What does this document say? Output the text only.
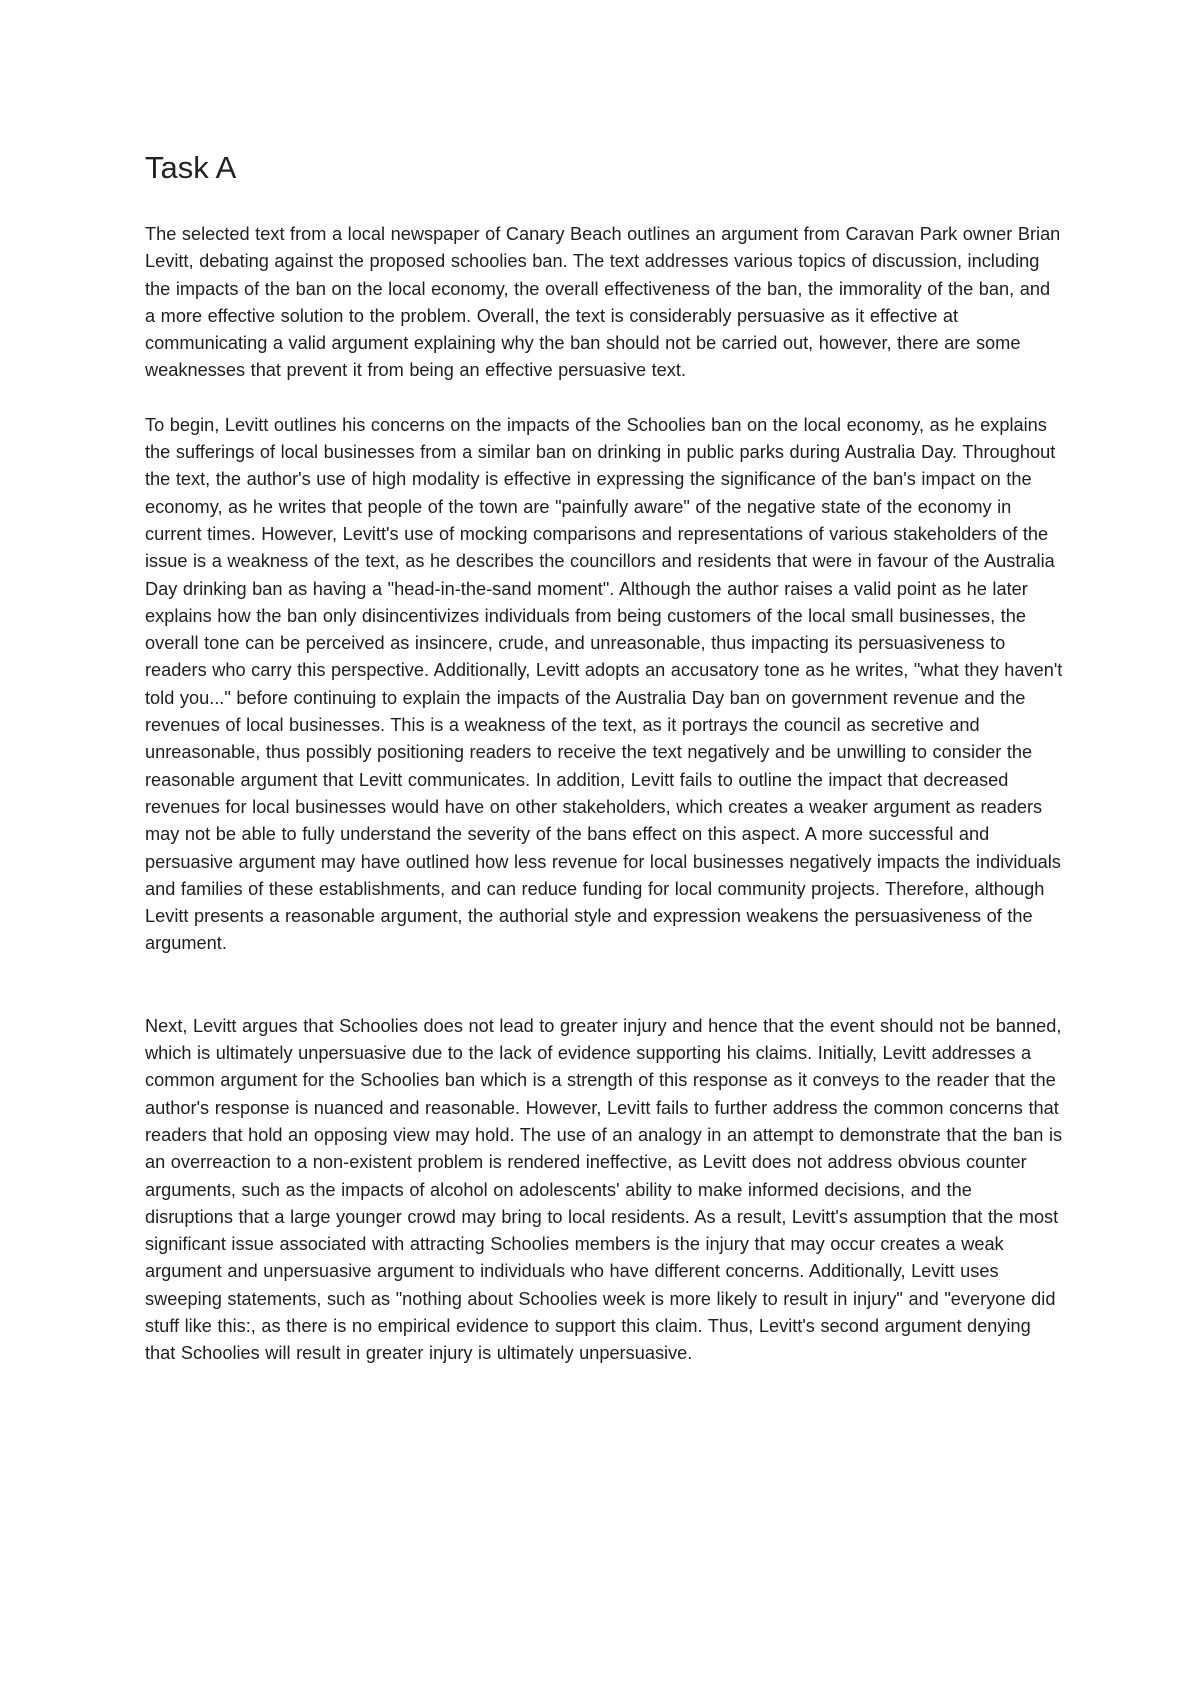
Task A

The selected text from a local newspaper of Canary Beach outlines an argument from Caravan Park owner Brian Levitt, debating against the proposed schoolies ban. The text addresses various topics of discussion, including the impacts of the ban on the local economy, the overall effectiveness of the ban, the immorality of the ban, and a more effective solution to the problem. Overall, the text is considerably persuasive as it effective at communicating a valid argument explaining why the ban should not be carried out, however, there are some weaknesses that prevent it from being an effective persuasive text.

To begin, Levitt outlines his concerns on the impacts of the Schoolies ban on the local economy, as he explains the sufferings of local businesses from a similar ban on drinking in public parks during Australia Day. Throughout the text, the author's use of high modality is effective in expressing the significance of the ban's impact on the economy, as he writes that people of the town are "painfully aware" of the negative state of the economy in current times. However, Levitt's use of mocking comparisons and representations of various stakeholders of the issue is a weakness of the text, as he describes the councillors and residents that were in favour of the Australia Day drinking ban as having a "head-in-the-sand moment". Although the author raises a valid point as he later explains how the ban only disincentivizes individuals from being customers of the local small businesses, the overall tone can be perceived as insincere, crude, and unreasonable, thus impacting its persuasiveness to readers who carry this perspective. Additionally, Levitt adopts an accusatory tone as he writes, "what they haven't told you..." before continuing to explain the impacts of the Australia Day ban on government revenue and the revenues of local businesses. This is a weakness of the text, as it portrays the council as secretive and unreasonable, thus possibly positioning readers to receive the text negatively and be unwilling to consider the reasonable argument that Levitt communicates. In addition, Levitt fails to outline the impact that decreased revenues for local businesses would have on other stakeholders, which creates a weaker argument as readers may not be able to fully understand the severity of the bans effect on this aspect. A more successful and persuasive argument may have outlined how less revenue for local businesses negatively impacts the individuals and families of these establishments, and can reduce funding for local community projects. Therefore, although Levitt presents a reasonable argument, the authorial style and expression weakens the persuasiveness of the argument.

Next, Levitt argues that Schoolies does not lead to greater injury and hence that the event should not be banned, which is ultimately unpersuasive due to the lack of evidence supporting his claims. Initially, Levitt addresses a common argument for the Schoolies ban which is a strength of this response as it conveys to the reader that the author's response is nuanced and reasonable. However, Levitt fails to further address the common concerns that readers that hold an opposing view may hold. The use of an analogy in an attempt to demonstrate that the ban is an overreaction to a non-existent problem is rendered ineffective, as Levitt does not address obvious counter arguments, such as the impacts of alcohol on adolescents' ability to make informed decisions, and the disruptions that a large younger crowd may bring to local residents. As a result, Levitt's assumption that the most significant issue associated with attracting Schoolies members is the injury that may occur creates a weak argument and unpersuasive argument to individuals who have different concerns. Additionally, Levitt uses sweeping statements, such as "nothing about Schoolies week is more likely to result in injury" and "everyone did stuff like this:, as there is no empirical evidence to support this claim. Thus, Levitt's second argument denying that Schoolies will result in greater injury is ultimately unpersuasive.
